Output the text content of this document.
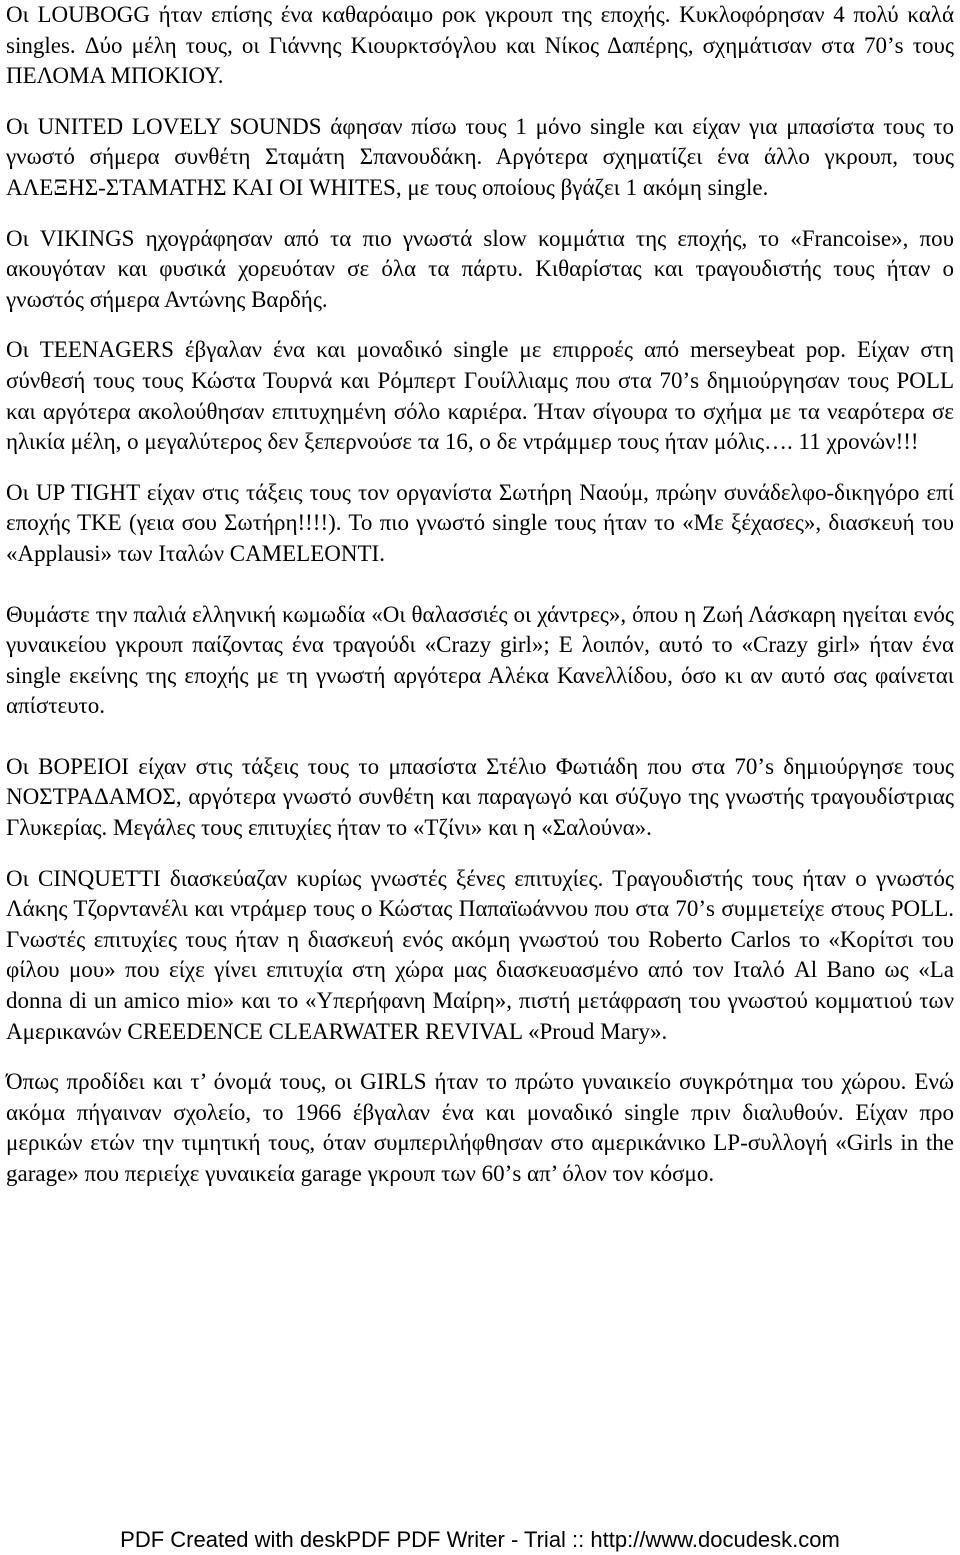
Οι LOUBOGG ήταν επίσης ένα καθαρόαιμο ροκ γκρουπ της εποχής. Κυκλοφόρησαν 4 πολύ καλά singles. Δύο μέλη τους, οι Γιάννης Κιουρκτσόγλου και Νίκος Δαπέρης, σχημάτισαν στα 70’s τους ΠΕΛΟΜΑ ΜΠΟΚΙΟΥ.

Οι UNITED LOVELY SOUNDS άφησαν πίσω τους 1 μόνο single και είχαν για μπασίστα τους το γνωστό σήμερα συνθέτη Σταμάτη Σπανουδάκη. Αργότερα σχηματίζει ένα άλλο γκρουπ, τους ΑΛΕΞΗΣ-ΣΤΑΜΑΤΗΣ ΚΑΙ ΟΙ WHITES, με τους οποίους βγάζει 1 ακόμη single.

Οι VIKINGS ηχογράφησαν από τα πιο γνωστά slow κομμάτια της εποχής, το «Francoise», που ακουγόταν και φυσικά χορευόταν σε όλα τα πάρτυ. Κιθαρίστας και τραγουδιστής τους ήταν ο γνωστός σήμερα Αντώνης Βαρδής.

Οι TEENAGERS έβγαλαν ένα και μοναδικό single με επιρροές από merseybeat pop. Είχαν στη σύνθεσή τους τους Κώστα Τουρνά και Ρόμπερτ Γουίλλιαμς που στα 70’s δημιούργησαν τους POLL και αργότερα ακολούθησαν επιτυχημένη σόλο καριέρα. Ήταν σίγουρα το σχήμα με τα νεαρότερα σε ηλικία μέλη, ο μεγαλύτερος δεν ξεπερνούσε τα 16, ο δε ντράμμερ τους ήταν μόλις…. 11 χρονών!!!

Οι UP TIGHT είχαν στις τάξεις τους τον οργανίστα Σωτήρη Ναούμ, πρώην συνάδελφο-δικηγόρο επί εποχής ΤΚΕ (γεια σου Σωτήρη!!!!). Το πιο γνωστό single τους ήταν το «Με ξέχασες», διασκευή του «Applausi» των Ιταλών CAMELEONTI.

Θυμάστε την παλιά ελληνική κωμωδία «Οι θαλασσιές οι χάντρες», όπου η Ζωή Λάσκαρη ηγείται ενός γυναικείου γκρουπ παίζοντας ένα τραγούδι «Crazy girl»; Ε λοιπόν, αυτό το «Crazy girl» ήταν ένα single εκείνης της εποχής με τη γνωστή αργότερα Αλέκα Κανελλίδου, όσο κι αν αυτό σας φαίνεται απίστευτο.

Οι ΒΟΡΕΙΟΙ είχαν στις τάξεις τους το μπασίστα Στέλιο Φωτιάδη που στα 70’s δημιούργησε τους ΝΟΣΤΡΑΔΑΜΟΣ, αργότερα γνωστό συνθέτη και παραγωγό και σύζυγο της γνωστής τραγουδίστριας Γλυκερίας. Μεγάλες τους επιτυχίες ήταν το «Τζίνι» και η «Σαλούνα».

Οι CINQUETTI διασκεύαζαν κυρίως γνωστές ξένες επιτυχίες. Τραγουδιστής τους ήταν ο γνωστός Λάκης Τζορντανέλι και ντράμερ τους ο Κώστας Παπαϊωάννου που στα 70’s συμμετείχε στους POLL. Γνωστές επιτυχίες τους ήταν η διασκευή ενός ακόμη γνωστού του Roberto Carlos το «Κορίτσι του φίλου μου» που είχε γίνει επιτυχία στη χώρα μας διασκευασμένο από τον Ιταλό Al Bano ως «La donna di un amico mio» και το «Υπερήφανη Μαίρη», πιστή μετάφραση του γνωστού κομματιού των Αμερικανών CREEDENCE CLEARWATER REVIVAL «Proud Mary».

Όπως προδίδει και τ’ όνομά τους, οι GIRLS ήταν το πρώτο γυναικείο συγκρότημα του χώρου. Ενώ ακόμα πήγαιναν σχολείο, το 1966 έβγαλαν ένα και μοναδικό single πριν διαλυθούν. Είχαν προ μερικών ετών την τιμητική τους, όταν συμπεριλήφθησαν στο αμερικάνικο LP-συλλογή «Girls in the garage» που περιείχε γυναικεία garage γκρουπ των 60’s απ’ όλον τον κόσμο.

PDF Created with deskPDF PDF Writer - Trial :: http://www.docudesk.com
